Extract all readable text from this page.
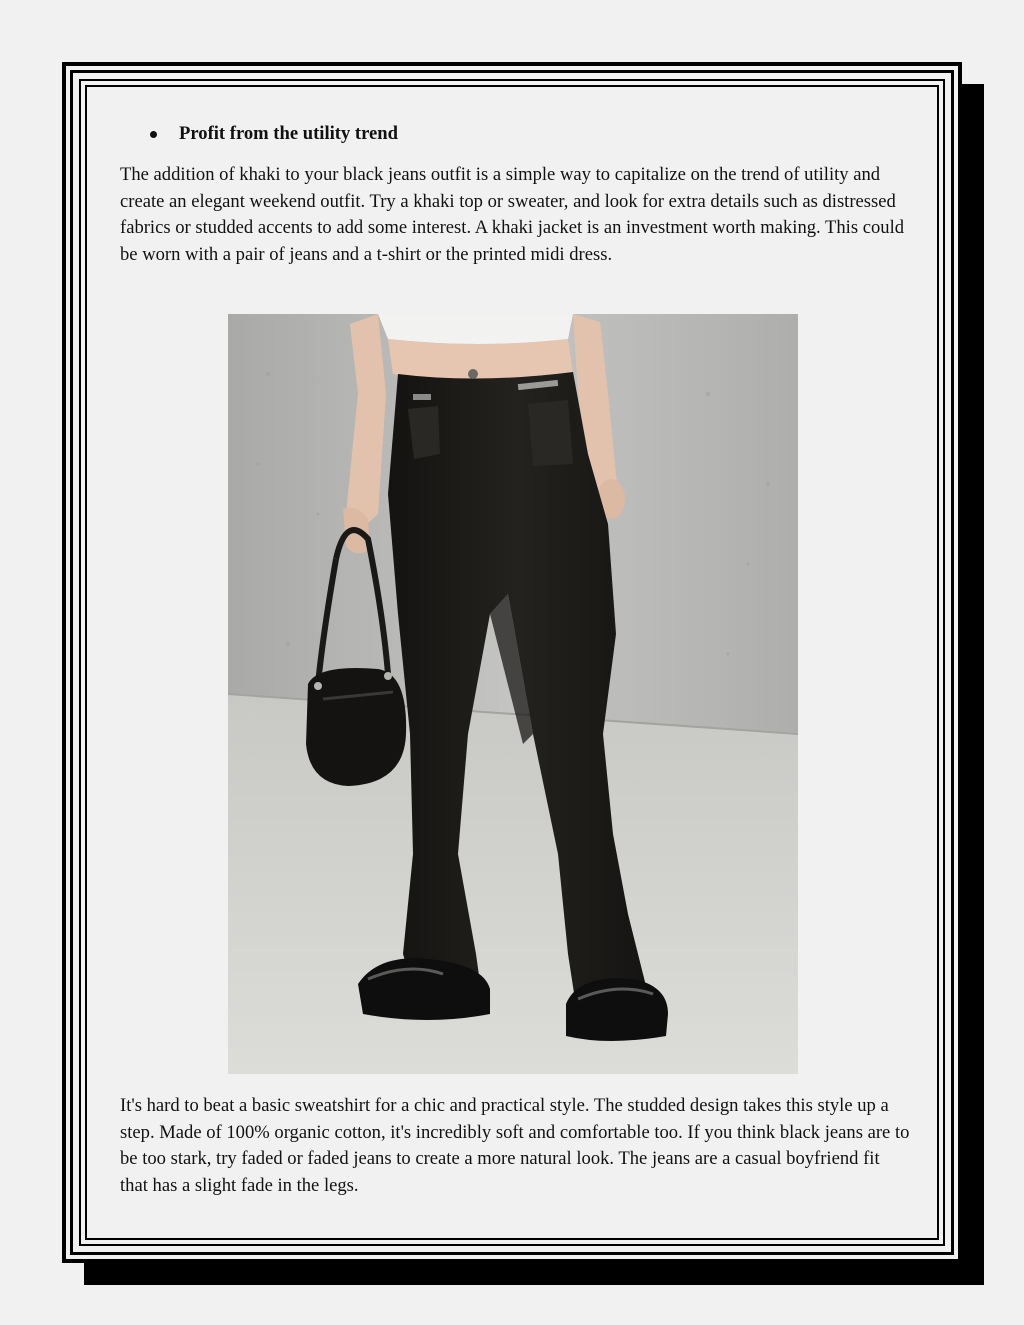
Profit from the utility trend

The addition of khaki to your black jeans outfit is a simple way to capitalize on the trend of utility and create an elegant weekend outfit. Try a khaki top or sweater, and look for extra details such as distressed fabrics or studded accents to add some interest. A khaki jacket is an investment worth making. This could be worn with a pair of jeans and a t-shirt or the printed midi dress.

It's hard to beat a basic sweatshirt for a chic and practical style. The studded design takes this style up a step. Made of 100% organic cotton, it's incredibly soft and comfortable too. If you think black jeans are to be too stark, try faded or faded jeans to create a more natural look. The jeans are a casual boyfriend fit that has a slight fade in the legs.
